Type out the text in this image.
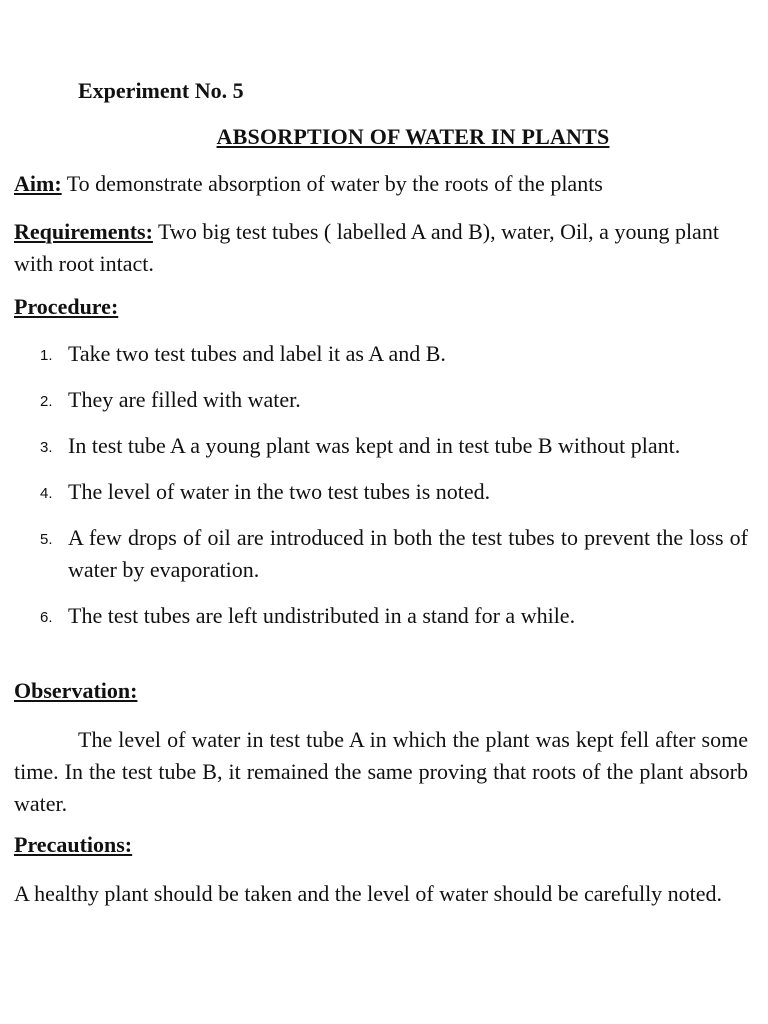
Experiment No. 5
ABSORPTION OF WATER IN PLANTS
Aim: To demonstrate absorption of water by the roots of the plants
Requirements: Two big test tubes ( labelled A and B), water, Oil, a young plant with root intact.
Procedure:
1. Take two test tubes and label it as A and B.
2. They are filled with water.
3. In test tube A a young plant was kept and in test tube B without plant.
4. The level of water in the two test tubes is noted.
5. A few drops of oil are introduced in both the test tubes to prevent the loss of water by evaporation.
6. The test tubes are left undistributed in a stand for a while.
Observation:
The level of water in test tube A in which the plant was kept fell after some time. In the test tube B, it remained the same proving that roots of the plant absorb water.
Precautions:
A healthy plant should be taken and the level of water should be carefully noted.
